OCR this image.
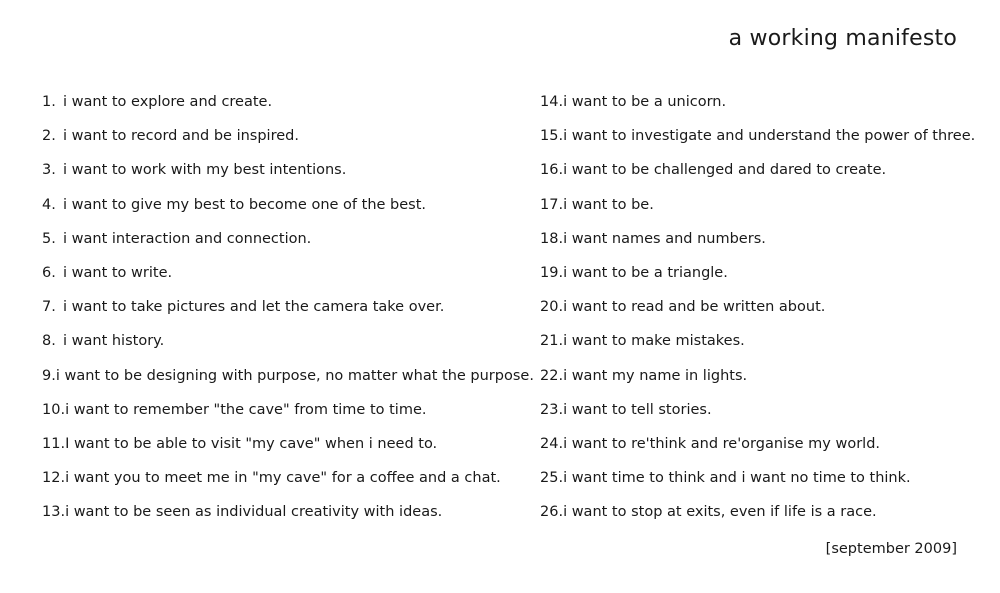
a working manifesto
1. i want to explore and create.
2. i want to record and be inspired.
3. i want to work with my best intentions.
4. i want to give my best to become one of the best.
5. i want interaction and connection.
6. i want to write.
7. i want to take pictures and let the camera take over.
8. i want history.
9. i want to be designing with purpose, no matter what the purpose.
10. i want to remember "the cave" from time to time.
11. I want to be able to visit "my cave" when i need to.
12. i want you to meet me in "my cave" for a coffee and a chat.
13. i want to be seen as individual creativity with ideas.
14. i want to be a unicorn.
15. i want to investigate and understand the power of three.
16. i want to be challenged and dared to create.
17. i want to be.
18. i want names and numbers.
19. i want to be a triangle.
20. i want to read and be written about.
21. i want to make mistakes.
22. i want my name in lights.
23. i want to tell stories.
24. i want to re'think and re'organise my world.
25. i want time to think and i want no time to think.
26. i want to stop at exits, even if life is a race.

[september 2009]
